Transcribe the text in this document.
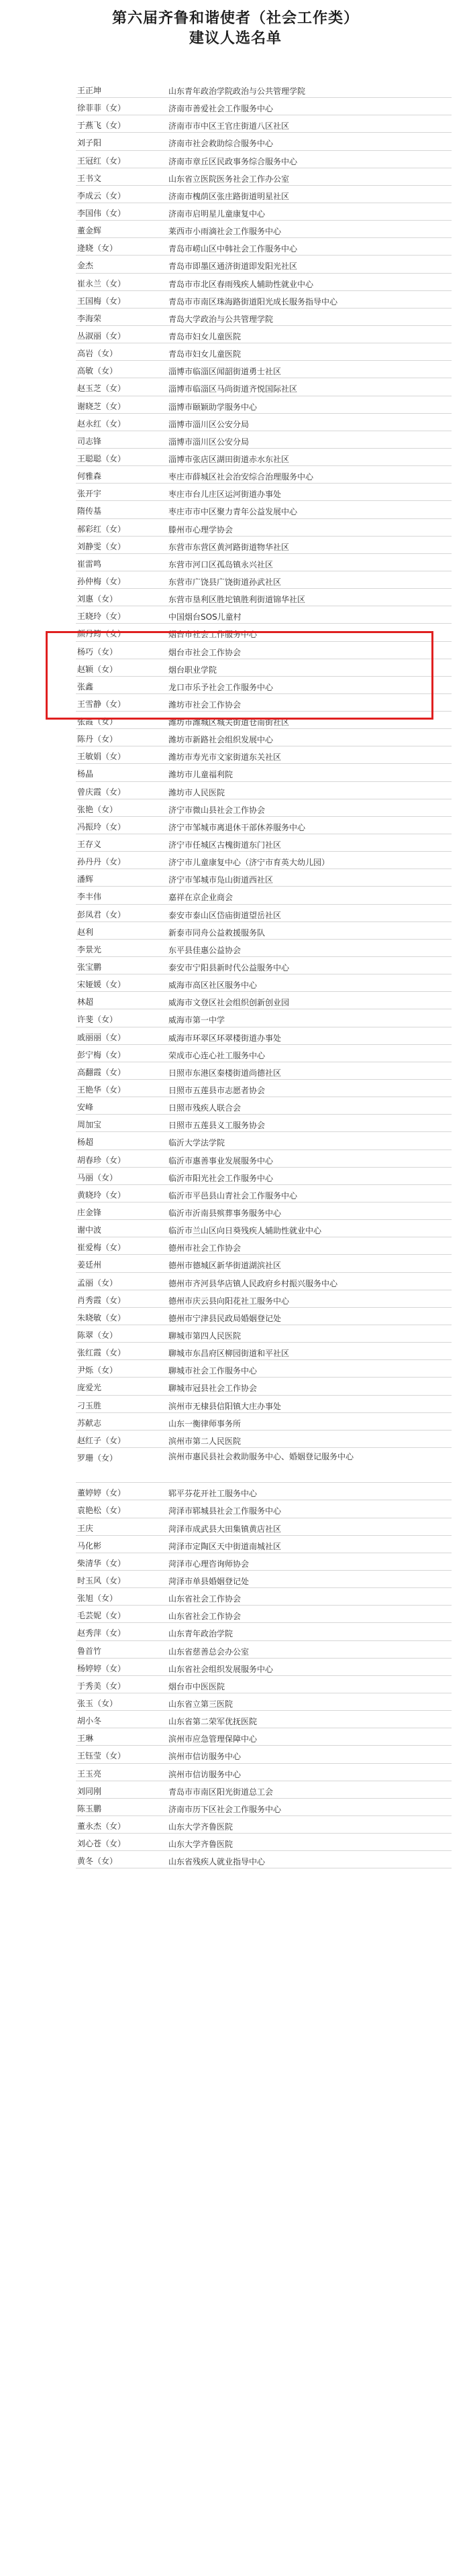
第六届齐鲁和谐使者（社会工作类）
建议人选名单
王正坤	山东青年政治学院政治与公共管理学院
徐菲菲（女）	济南市善爱社会工作服务中心
于燕飞（女）	济南市市中区王官庄街道八区社区
刘子阳	济南市社会救助综合服务中心
王冠红（女）	济南市章丘区民政事务综合服务中心
王书文	山东省立医院医务社会工作办公室
李成云（女）	济南市槐荫区张庄路街道明星社区
李国伟（女）	济南市启明星儿童康复中心
董金辉	莱西市小雨滴社会工作服务中心
逄晓（女）	青岛市崂山区中韩社会工作服务中心
金杰	青岛市即墨区通济街道即发阳光社区
崔永兰（女）	青岛市市北区春雨残疾人辅助性就业中心
王国梅（女）	青岛市市南区珠海路街道阳光成长服务指导中心
李海荣	青岛大学政治与公共管理学院
丛淑丽（女）	青岛市妇女儿童医院
高岩（女）	青岛市妇女儿童医院
高敏（女）	淄博市临淄区闻韶街道勇士社区
赵玉芝（女）	淄博市临淄区马尚街道齐悦国际社区
谢晓芝（女）	淄博市颐颖助学服务中心
赵永红（女）	淄博市淄川区公安分局
司志锋	淄博市淄川区公安分局
王聪聪（女）	淄博市张店区湖田街道赤水东社区
何雅森	枣庄市薛城区社会治安综合治理服务中心
张开宇	枣庄市台儿庄区运河街道办事处
隋传基	枣庄市市中区聚力青年公益发展中心
郝彩红（女）	滕州市心理学协会
刘静雯（女）	东营市东营区黄河路街道物华社区
崔雷鸣	东营市河口区孤岛镇永兴社区
孙仲梅（女）	东营市广饶县广饶街道孙武社区
刘惠（女）	东营市垦利区胜坨镇胜利街道锦华社区
王晓玲（女）	中国烟台SOS儿童村
颜丹筠（女）	烟台市社会工作服务中心
杨巧（女）	烟台市社会工作协会
赵颖（女）	烟台职业学院
张鑫	龙口市乐予社会工作服务中心
王雪静（女）	潍坊市社会工作协会
张霞（女）	潍坊市潍城区城关街道仓南街社区
陈丹（女）	潍坊市新路社会组织发展中心
王敏娟（女）	潍坊市寿光市文家街道东关社区
杨晶	潍坊市儿童福利院
曾庆霞（女）	潍坊市人民医院
张艳（女）	济宁市微山县社会工作协会
冯振玲（女）	济宁市邹城市离退休干部休养服务中心
王存义	济宁市任城区古槐街道东门社区
孙丹丹（女）	济宁市儿童康复中心（济宁市育英大幼儿园）
潘辉	济宁市邹城市凫山街道西社区
李丰伟	嘉祥在京企业商会
彭凤君（女）	泰安市泰山区岱庙街道望岳社区
赵利	新泰市同舟公益救援服务队
李景光	东平县佳惠公益协会
张宝鹏	泰安市宁阳县新时代公益服务中心
宋娅媛（女）	威海市高区社区服务中心
林超	威海市文登区社会组织创新创业园
许斐（女）	威海市第一中学
戚丽丽（女）	威海市环翠区环翠楼街道办事处
彭宁梅（女）	荣成市心连心社工服务中心
高翻霞（女）	日照市东港区秦楼街道尚德社区
王艳华（女）	日照市五莲县市志愿者协会
安峰	日照市残疾人联合会
周加宝	日照市五莲县义工服务协会
杨超	临沂大学法学院
胡春珍（女）	临沂市惠善事业发展服务中心
马丽（女）	临沂市阳光社会工作服务中心
黄晓玲（女）	临沂市平邑县山青社会工作服务中心
庄金锋	临沂市沂南县殡葬事务服务中心
谢中波	临沂市兰山区向日葵残疾人辅助性就业中心
崔爱梅（女）	德州市社会工作协会
姜廷州	德州市德城区新华街道湖滨社区
孟丽（女）	德州市齐河县华店镇人民政府乡村振兴服务中心
肖秀霞（女）	德州市庆云县向阳花社工服务中心
朱晓敏（女）	德州市宁津县民政局婚姻登记处
陈翠（女）	聊城市第四人民医院
张红霞（女）	聊城市东昌府区柳园街道和平社区
尹烁（女）	聊城市社会工作服务中心
庞爱光	聊城市冠县社会工作协会
刁玉胜	滨州市无棣县信阳镇大庄办事处
苏献志	山东一衡律师事务所
赵红子（女）	滨州市第二人民医院
罗珊（女）	滨州市惠民县社会救助服务中心、婚姻登记服务中心
董婷婷（女）	郓平芬花开社工服务中心
袁艳松（女）	菏泽市郓城县社会工作服务中心
王庆	菏泽市成武县大田集镇黄店社区
马化彬	菏泽市定陶区天中街道南城社区
柴清华（女）	菏泽市心理咨询师协会
时玉风（女）	菏泽市单县婚姻登记处
张旭（女）	山东省社会工作协会
毛芸妮（女）	山东省社会工作协会
赵秀萍（女）	山东青年政治学院
鲁首竹	山东省慈善总会办公室
杨婷婷（女）	山东省社会组织发展服务中心
于秀美（女）	烟台市中医医院
张玉（女）	山东省立第三医院
胡小冬	山东省第二荣军优抚医院
王琳	滨州市应急管理保障中心
王钰莹（女）	滨州市信访服务中心
王玉亮	滨州市信访服务中心
刘同刚	青岛市市南区阳光街道总工会
陈玉鹏	济南市历下区社会工作服务中心
董永杰（女）	山东大学齐鲁医院
刘心苍（女）	山东大学齐鲁医院
黄冬（女）	山东省残疾人就业指导中心
